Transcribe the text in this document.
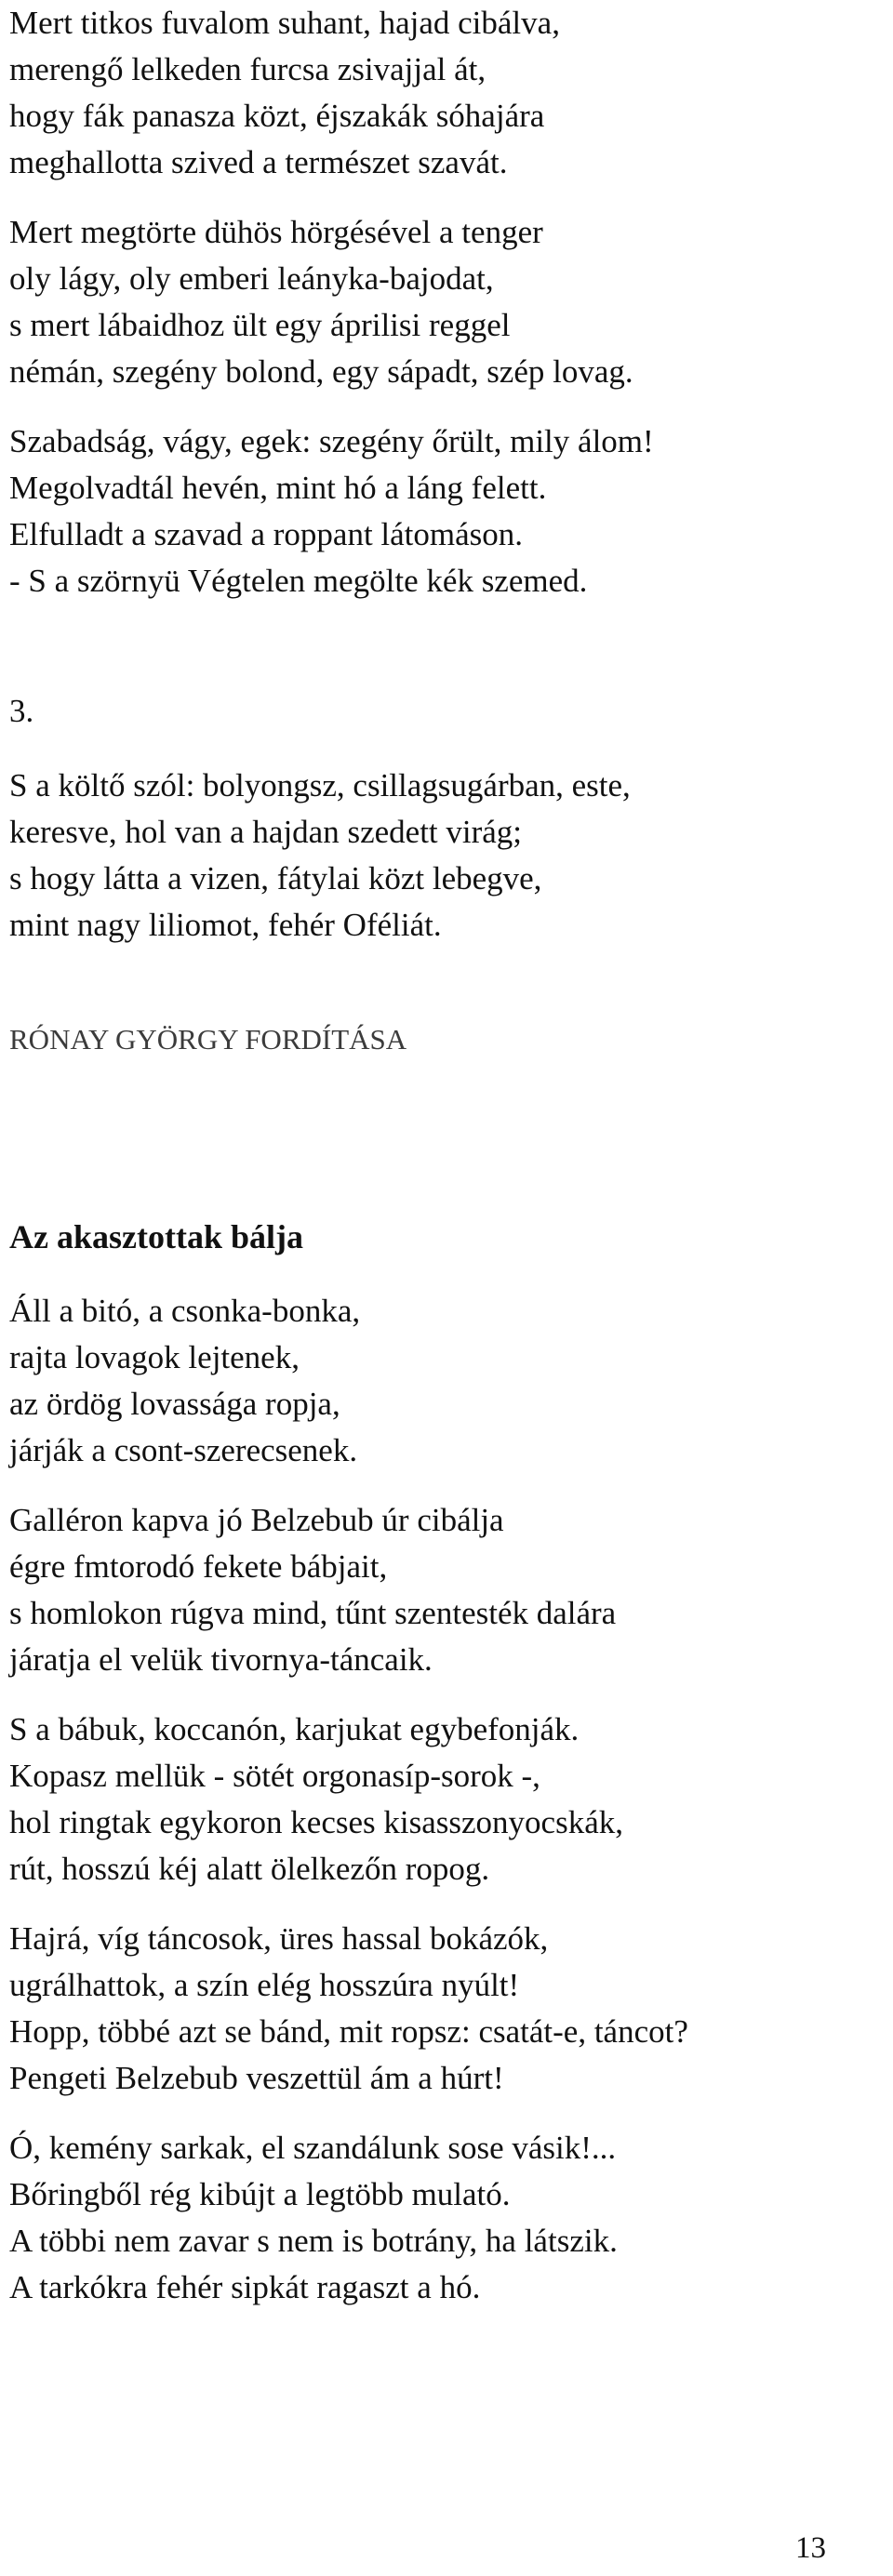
Mert titkos fuvalom suhant, hajad cibálva,
merengő lelkeden furcsa zsivajjal át,
hogy fák panasza közt, éjszakák sóhajára
meghallotta szived a természet szavát.
Mert megtörte dühös hörgésével a tenger
oly lágy, oly emberi leányka-bajodat,
s mert lábaidhoz ült egy áprilisi reggel
némán, szegény bolond, egy sápadt, szép lovag.
Szabadság, vágy, egek: szegény őrült, mily álom!
Megolvadtál hevén, mint hó a láng felett.
Elfulladt a szavad a roppant látomáson.
- S a szörnyü Végtelen megölte kék szemed.
3.
S a költő szól: bolyongsz, csillagsugárban, este,
keresve, hol van a hajdan szedett virág;
s hogy látta a vizen, fátylai közt lebegve,
mint nagy liliomot, fehér Oféliát.
RÓNAY GYÖRGY FORDÍTÁSA
Az akasztottak bálja
Áll a bitó, a csonka-bonka,
rajta lovagok lejtenek,
az ördög lovassága ropja,
járják a csont-szerecsenek.
Galléron kapva jó Belzebub úr cibálja
égre fmtorodó fekete bábjait,
s homlokon rúgva mind, tűnt szentesték dalára
járatja el velük tivornya-táncaik.
S a bábuk, koccanón, karjukat egybefonják.
Kopasz mellük - sötét orgonasíp-sorok -,
hol ringtak egykoron kecses kisasszonyocskák,
rút, hosszú kéj alatt ölelkezőn ropog.
Hajrá, víg táncosok, üres hassal bokázók,
ugrálhattok, a szín elég hosszúra nyúlt!
Hopp, többé azt se bánd, mit ropsz: csatát-e, táncot?
Pengeti Belzebub veszettül ám a húrt!
Ó, kemény sarkak, el szandálunk sose vásik!...
Bőringből rég kibújt a legtöbb mulató.
A többi nem zavar s nem is botrány, ha látszik.
A tarkókra fehér sipkát ragaszt a hó.
13
